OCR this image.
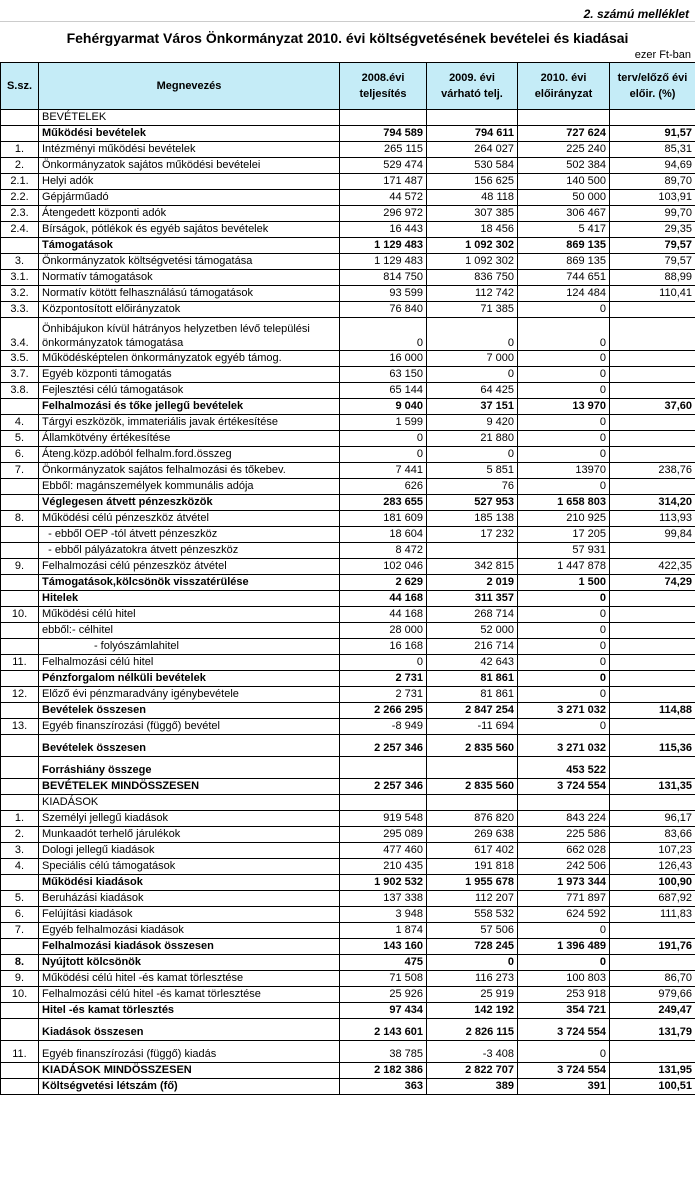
2. számú melléklet
Fehérgyarmat Város Önkormányzat 2010. évi költségvetésének bevételei és kiadásai
ezer Ft-ban
S.sz.	Megnevezés	2008.évi teljesítés	2009. évi várható telj.	2010. évi előirányzat	terv/előző évi előir. (%)
	BEVÉTELEK				
	Működési bevételek	794 589	794 611	727 624	91,57
1.	Intézményi működési bevételek	265 115	264 027	225 240	85,31
2.	Önkormányzatok sajátos működési bevételei	529 474	530 584	502 384	94,69
2.1.	Helyi adók	171 487	156 625	140 500	89,70
2.2.	Gépjárműadó	44 572	48 118	50 000	103,91
2.3.	Átengedett központi adók	296 972	307 385	306 467	99,70
2.4.	Bírságok, pótlékok és egyéb sajátos bevételek	16 443	18 456	5 417	29,35
	Támogatások	1 129 483	1 092 302	869 135	79,57
3.	Önkormányzatok költségvetési támogatása	1 129 483	1 092 302	869 135	79,57
3.1.	Normatív támogatások	814 750	836 750	744 651	88,99
3.2.	Normatív kötött felhasználású támogatások	93 599	112 742	124 484	110,41
3.3.	Központosított előirányzatok	76 840	71 385	0	
3.4.	Önhibájukon kívül hátrányos helyzetben lévő települési önkormányzatok támogatása	0	0	0	
3.5.	Működésképtelen önkormányzatok egyéb támog.	16 000	7 000	0	
3.7.	Egyéb központi támogatás	63 150	0	0	
3.8.	Fejlesztési célú támogatások	65 144	64 425	0	
	Felhalmozási és tőke jellegű bevételek	9 040	37 151	13 970	37,60
4.	Tárgyi eszközök, immateriális javak értékesítése	1 599	9 420	0	
5.	Államkötvény értékesítése	0	21 880	0	
6.	Áteng.közp.adóból felhalm.ford.összeg	0	0	0	
7.	Önkormányzatok sajátos felhalmozási és tőkebev.	7 441	5 851	13970	238,76
	Ebből: magánszemélyek kommunális adója	626	76	0	
	Véglegesen átvett pénzeszközök	283 655	527 953	1 658 803	314,20
8.	Működési célú pénzeszköz átvétel	181 609	185 138	210 925	113,93
	- ebből OEP -tól átvett pénzeszköz	18 604	17 232	17 205	99,84
	- ebből pályázatokra átvett pénzeszköz	8 472		57 931	
9.	Felhalmozási célú pénzeszköz átvétel	102 046	342 815	1 447 878	422,35
	Támogatások,kölcsönök visszatérülése	2 629	2 019	1 500	74,29
	Hitelek	44 168	311 357	0	
10.	Működési célú hitel	44 168	268 714	0	
	ebből:- célhitel	28 000	52 000	0	
	- folyószámlahitel	16 168	216 714	0	
11.	Felhalmozási célú hitel	0	42 643	0	
	Pénzforgalom nélküli bevételek	2 731	81 861	0	
12.	Előző évi pénzmaradvány igénybevétele	2 731	81 861	0	
	Bevételek összesen	2 266 295	2 847 254	3 271 032	114,88
13.	Egyéb finanszírozási (függő) bevétel	-8 949	-11 694	0	
	Bevételek összesen	2 257 346	2 835 560	3 271 032	115,36
	Forráshiány összege			453 522	
	BEVÉTELEK MINDÖSSZESEN	2 257 346	2 835 560	3 724 554	131,35
	KIADÁSOK				
1.	Személyi jellegű kiadások	919 548	876 820	843 224	96,17
2.	Munkaadót terhelő járulékok	295 089	269 638	225 586	83,66
3.	Dologi jellegű kiadások	477 460	617 402	662 028	107,23
4.	Speciális célú támogatások	210 435	191 818	242 506	126,43
	Működési kiadások	1 902 532	1 955 678	1 973 344	100,90
5.	Beruházási kiadások	137 338	112 207	771 897	687,92
6.	Felújítási kiadások	3 948	558 532	624 592	111,83
7.	Egyéb felhalmozási kiadások	1 874	57 506	0	
	Felhalmozási kiadások összesen	143 160	728 245	1 396 489	191,76
8.	Nyújtott kölcsönök	475	0	0	
9.	Működési célú hitel -és kamat törlesztése	71 508	116 273	100 803	86,70
10.	Felhalmozási célú hitel -és kamat törlesztése	25 926	25 919	253 918	979,66
	Hitel -és kamat törlesztés	97 434	142 192	354 721	249,47
	Kiadások összesen	2 143 601	2 826 115	3 724 554	131,79
11.	Egyéb finanszírozási (függő) kiadás	38 785	-3 408	0	
	KIADÁSOK MINDÖSSZESEN	2 182 386	2 822 707	3 724 554	131,95
	Költségvetési létszám (fő)	363	389	391	100,51
